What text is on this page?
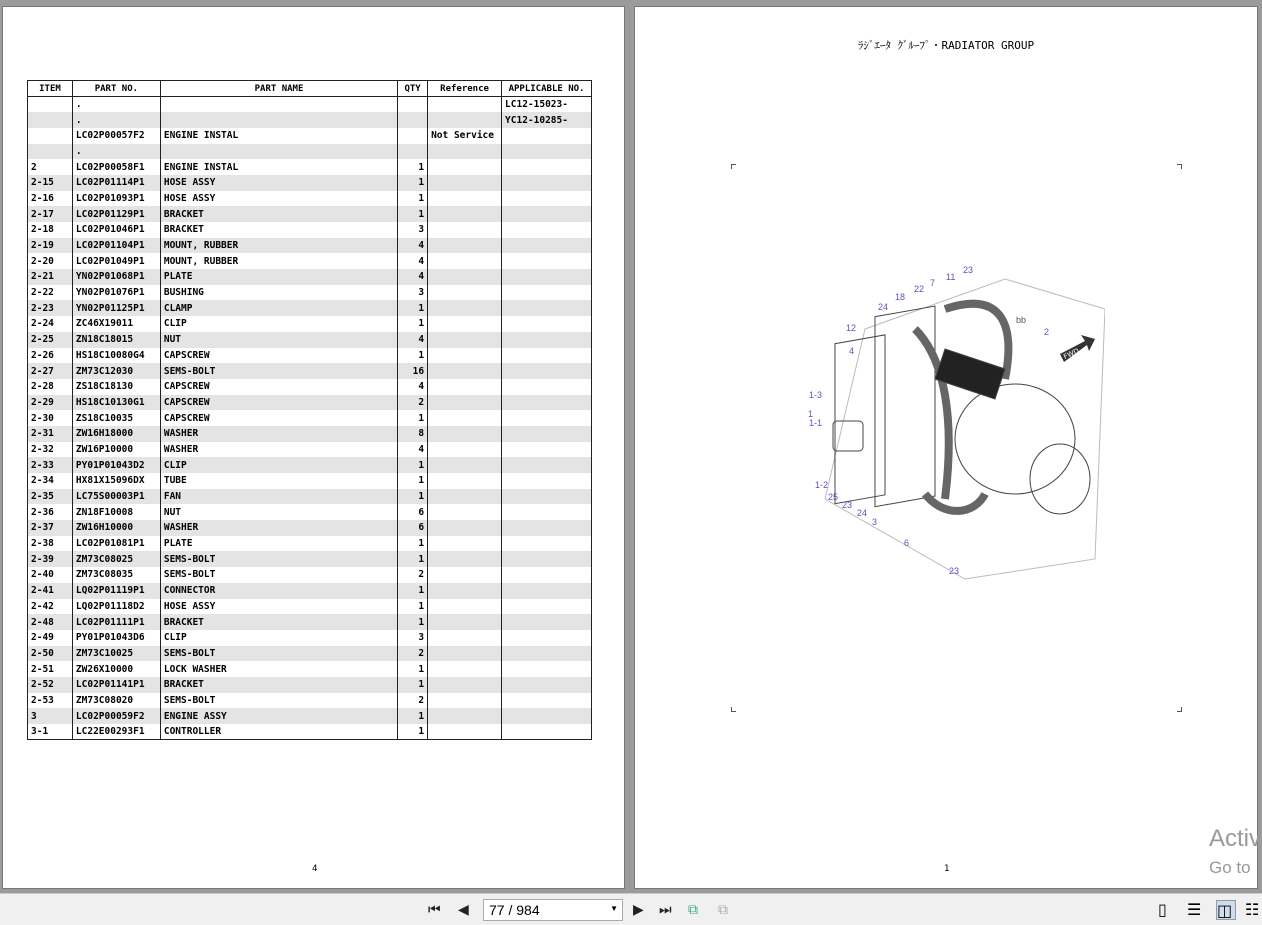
ITEM	PART NO.	PART NAME	QTY	Reference	APPLICABLE NO.
	.				LC12-15023-
	.				YC12-10285-
	LC02P00057F2	ENGINE INSTAL		Not Service	
	.				
2	LC02P00058F1	ENGINE INSTAL	1		
2-15	LC02P01114P1	HOSE ASSY	1		
2-16	LC02P01093P1	HOSE ASSY	1		
2-17	LC02P01129P1	BRACKET	1		
2-18	LC02P01046P1	BRACKET	3		
2-19	LC02P01104P1	MOUNT, RUBBER	4		
2-20	LC02P01049P1	MOUNT, RUBBER	4		
2-21	YN02P01068P1	PLATE	4		
2-22	YN02P01076P1	BUSHING	3		
2-23	YN02P01125P1	CLAMP	1		
2-24	ZC46X19011	CLIP	1		
2-25	ZN18C18015	NUT	4		
2-26	HS18C10080G4	CAPSCREW	1		
2-27	ZM73C12030	SEMS-BOLT	16		
2-28	ZS18C18130	CAPSCREW	4		
2-29	HS18C10130G1	CAPSCREW	2		
2-30	ZS18C10035	CAPSCREW	1		
2-31	ZW16H18000	WASHER	8		
2-32	ZW16P10000	WASHER	4		
2-33	PY01P01043D2	CLIP	1		
2-34	HX81X15096DX	TUBE	1		
2-35	LC75S00003P1	FAN	1		
2-36	ZN18F10008	NUT	6		
2-37	ZW16H10000	WASHER	6		
2-38	LC02P01081P1	PLATE	1		
2-39	ZM73C08025	SEMS-BOLT	1		
2-40	ZM73C08035	SEMS-BOLT	2		
2-41	LQ02P01119P1	CONNECTOR	1		
2-42	LQ02P01118D2	HOSE ASSY	1		
2-48	LC02P01111P1	BRACKET	1		
2-49	PY01P01043D6	CLIP	3		
2-50	ZM73C10025	SEMS-BOLT	2		
2-51	ZW26X10000	LOCK WASHER	1		
2-52	LC02P01141P1	BRACKET	1		
2-53	ZM73C08020	SEMS-BOLT	2		
3	LC02P00059F2	ENGINE ASSY	1		
3-1	LC22E00293F1	CONTROLLER	1		
4
ﾗｼﾞｴｰﾀ ｸﾞﾙｰﾌﾟ・RADIATOR GROUP
FWD
23
11
7
22
18
24
12
4
bb
2
1-3
1
1-1
1-2
25
23
24
3
6
23
1
Activ
Go to
⏮ ◀	77 / 984	▼ ▶ ⏭ ⧉ ⧉	▯	☰ ◫ ☷
